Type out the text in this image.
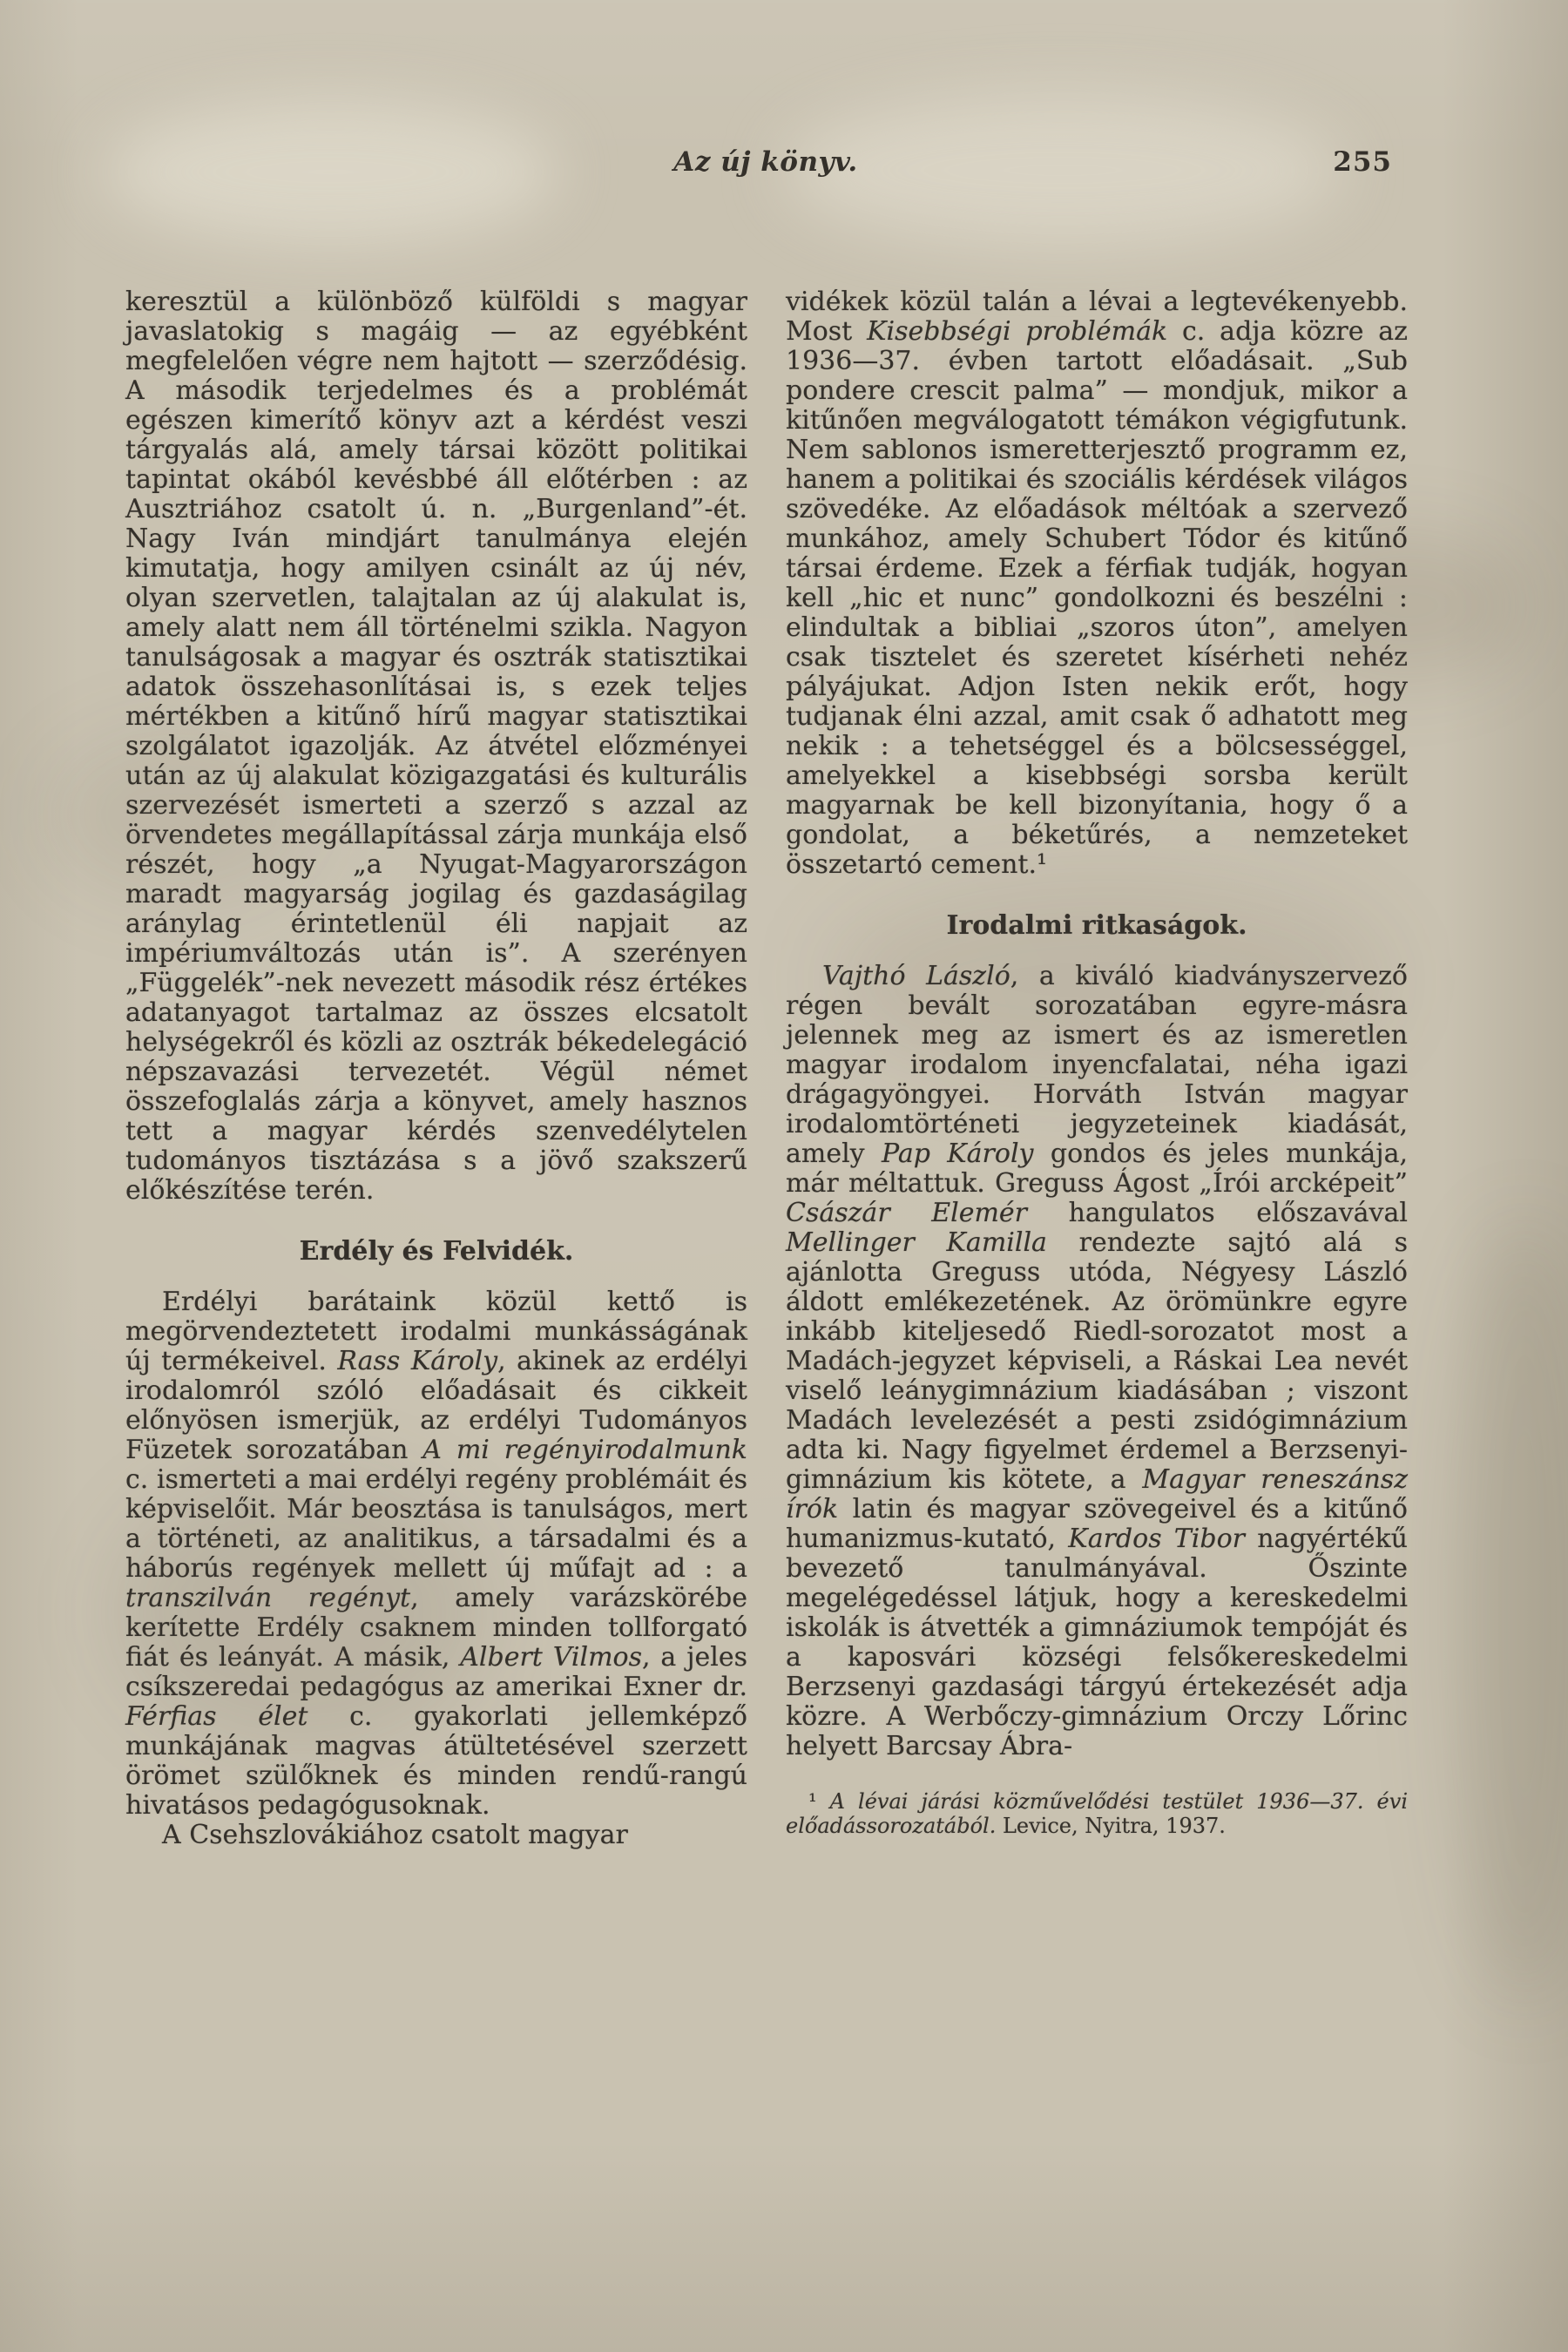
Az új könyv.	255

keresztül a különböző külföldi s magyar javaslatokig s magáig — az egyébként megfelelően végre nem hajtott — szerződésig. A második terjedelmes és a problémát egészen kimerítő könyv azt a kérdést veszi tárgyalás alá, amely társai között politikai tapintat okából kevésbbé áll előtérben : az Ausztriához csatolt ú. n. „Burgenland”-ét. Nagy Iván mindjárt tanulmánya elején kimutatja, hogy amilyen csinált az új név, olyan szervetlen, talajtalan az új alakulat is, amely alatt nem áll történelmi szikla. Nagyon tanulságosak a magyar és osztrák statisztikai adatok összehasonlításai is, s ezek teljes mértékben a kitűnő hírű magyar statisztikai szolgálatot igazolják. Az átvétel előzményei után az új alakulat közigazgatási és kulturális szervezését ismerteti a szerző s azzal az örvendetes megállapítással zárja munkája első részét, hogy „a Nyugat-Magyarországon maradt magyarság jogilag és gazdaságilag aránylag érintetlenül éli napjait az impériumváltozás után is”. A szerényen „Függelék”-nek nevezett második rész értékes adatanyagot tartalmaz az összes elcsatolt helységekről és közli az osztrák békedelegáció népszavazási tervezetét. Végül német összefoglalás zárja a könyvet, amely hasznos tett a magyar kérdés szenvedélytelen tudományos tisztázása s a jövő szakszerű előkészítése terén.

Erdély és Felvidék.

Erdélyi barátaink közül kettő is megörvendeztetett irodalmi munkásságának új termékeivel. Rass Károly, akinek az erdélyi irodalomról szóló előadásait és cikkeit előnyösen ismerjük, az erdélyi Tudományos Füzetek sorozatában A mi regényirodalmunk c. ismerteti a mai erdélyi regény problémáit és képviselőit. Már beosztása is tanulságos, mert a történeti, az analitikus, a társadalmi és a háborús regények mellett új műfajt ad : a transzilván regényt, amely varázskörébe kerítette Erdély csaknem minden tollforgató fiát és leányát. A másik, Albert Vilmos, a jeles csíkszeredai pedagógus az amerikai Exner dr. Férfias élet c. gyakorlati jellemképző munkájának magvas átültetésével szerzett örömet szülőknek és minden rendű-rangú hivatásos pedagógusoknak.

A Csehszlovákiához csatolt magyar

vidékek közül talán a lévai a legtevékenyebb. Most Kisebbségi problémák c. adja közre az 1936—37. évben tartott előadásait. „Sub pondere crescit palma” — mondjuk, mikor a kitűnően megválogatott témákon végigfutunk. Nem sablonos ismeretterjesztő programm ez, hanem a politikai és szociális kérdések világos szövedéke. Az előadások méltóak a szervező munkához, amely Schubert Tódor és kitűnő társai érdeme. Ezek a férfiak tudják, hogyan kell „hic et nunc” gondolkozni és beszélni : elindultak a bibliai „szoros úton”, amelyen csak tisztelet és szeretet kísérheti nehéz pályájukat. Adjon Isten nekik erőt, hogy tudjanak élni azzal, amit csak ő adhatott meg nekik : a tehetséggel és a bölcsességgel, amelyekkel a kisebbségi sorsba került magyarnak be kell bizonyítania, hogy ő a gondolat, a béketűrés, a nemzeteket összetartó cement.¹

Irodalmi ritkaságok.

Vajthó László, a kiváló kiadványszervező régen bevált sorozatában egyre-másra jelennek meg az ismert és az ismeretlen magyar irodalom inyencfalatai, néha igazi drágagyöngyei. Horváth István magyar irodalomtörténeti jegyzeteinek kiadását, amely Pap Károly gondos és jeles munkája, már méltattuk. Greguss Ágost „Írói arcképeit” Császár Elemér hangulatos előszavával Mellinger Kamilla rendezte sajtó alá s ajánlotta Greguss utóda, Négyesy László áldott emlékezetének. Az örömünkre egyre inkább kiteljesedő Riedl-sorozatot most a Madách-jegyzet képviseli, a Ráskai Lea nevét viselő leánygimnázium kiadásában ; viszont Madách levelezését a pesti zsidógimnázium adta ki. Nagy figyelmet érdemel a Berzsenyi-gimnázium kis kötete, a Magyar reneszánsz írók latin és magyar szövegeivel és a kitűnő humanizmus-kutató, Kardos Tibor nagyértékű bevezető tanulmányával. Őszinte megelégedéssel látjuk, hogy a kereskedelmi iskolák is átvették a gimnáziumok tempóját és a kaposvári községi felsőkereskedelmi Berzsenyi gazdasági tárgyú értekezését adja közre. A Werbőczy-gimnázium Orczy Lőrinc helyett Barcsay Ábra-

¹ A lévai járási közművelődési testület 1936—37. évi előadássorozatából. Levice, Nyitra, 1937.
